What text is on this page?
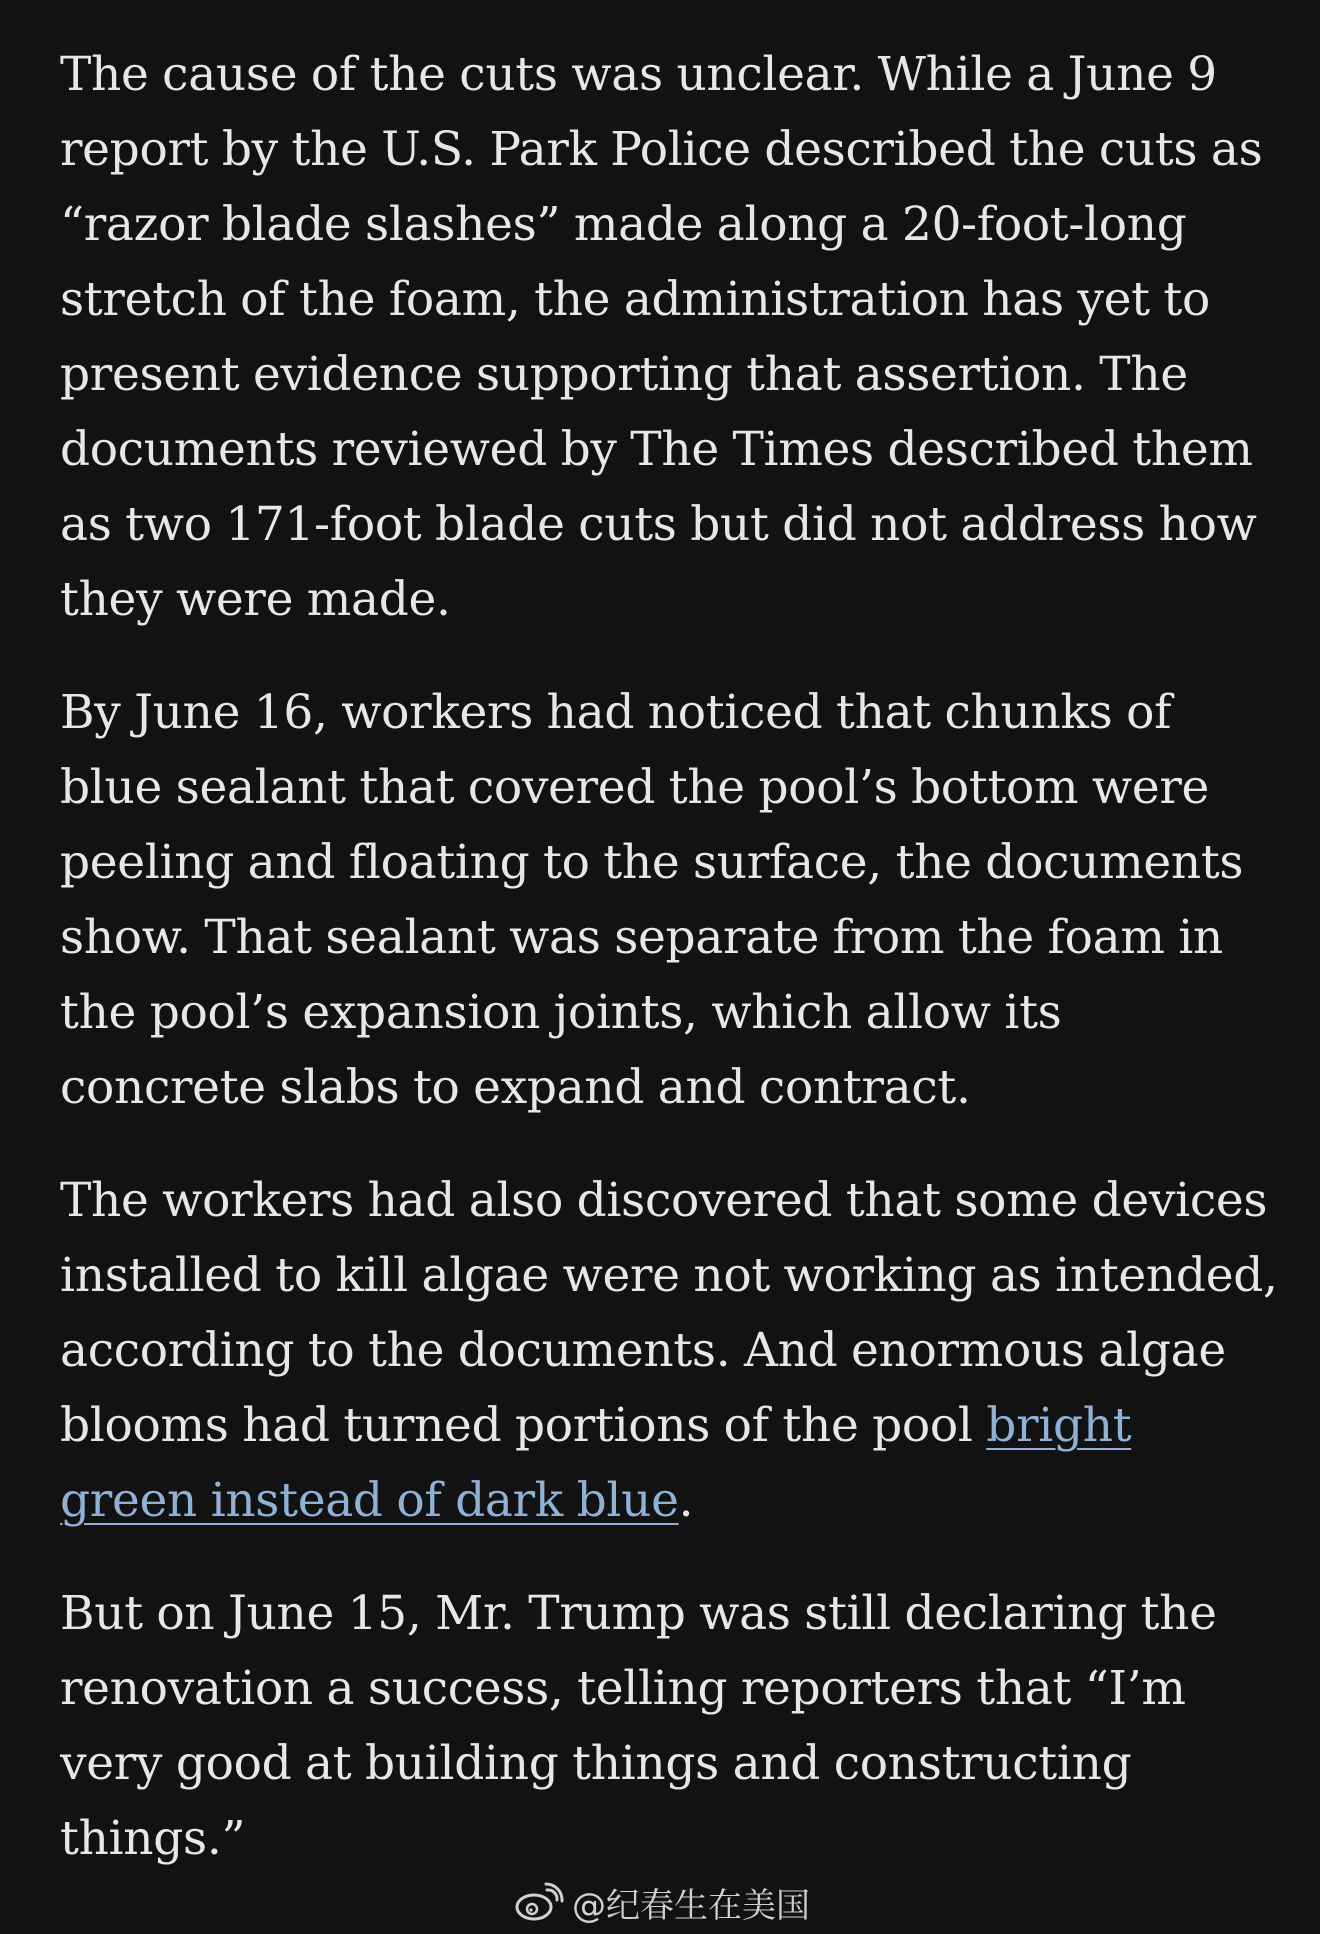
The cause of the cuts was unclear. While a June 9 report by the U.S. Park Police described the cuts as “razor blade slashes” made along a 20-foot-long stretch of the foam, the administration has yet to present evidence supporting that assertion. The documents reviewed by The Times described them as two 171-foot blade cuts but did not address how they were made.

By June 16, workers had noticed that chunks of blue sealant that covered the pool’s bottom were peeling and floating to the surface, the documents show. That sealant was separate from the foam in the pool’s expansion joints, which allow its concrete slabs to expand and contract.

The workers had also discovered that some devices installed to kill algae were not working as intended, according to the documents. And enormous algae blooms had turned portions of the pool bright green instead of dark blue.

But on June 15, Mr. Trump was still declaring the renovation a success, telling reporters that “I’m very good at building things and constructing things.”

@纪春生在美国
